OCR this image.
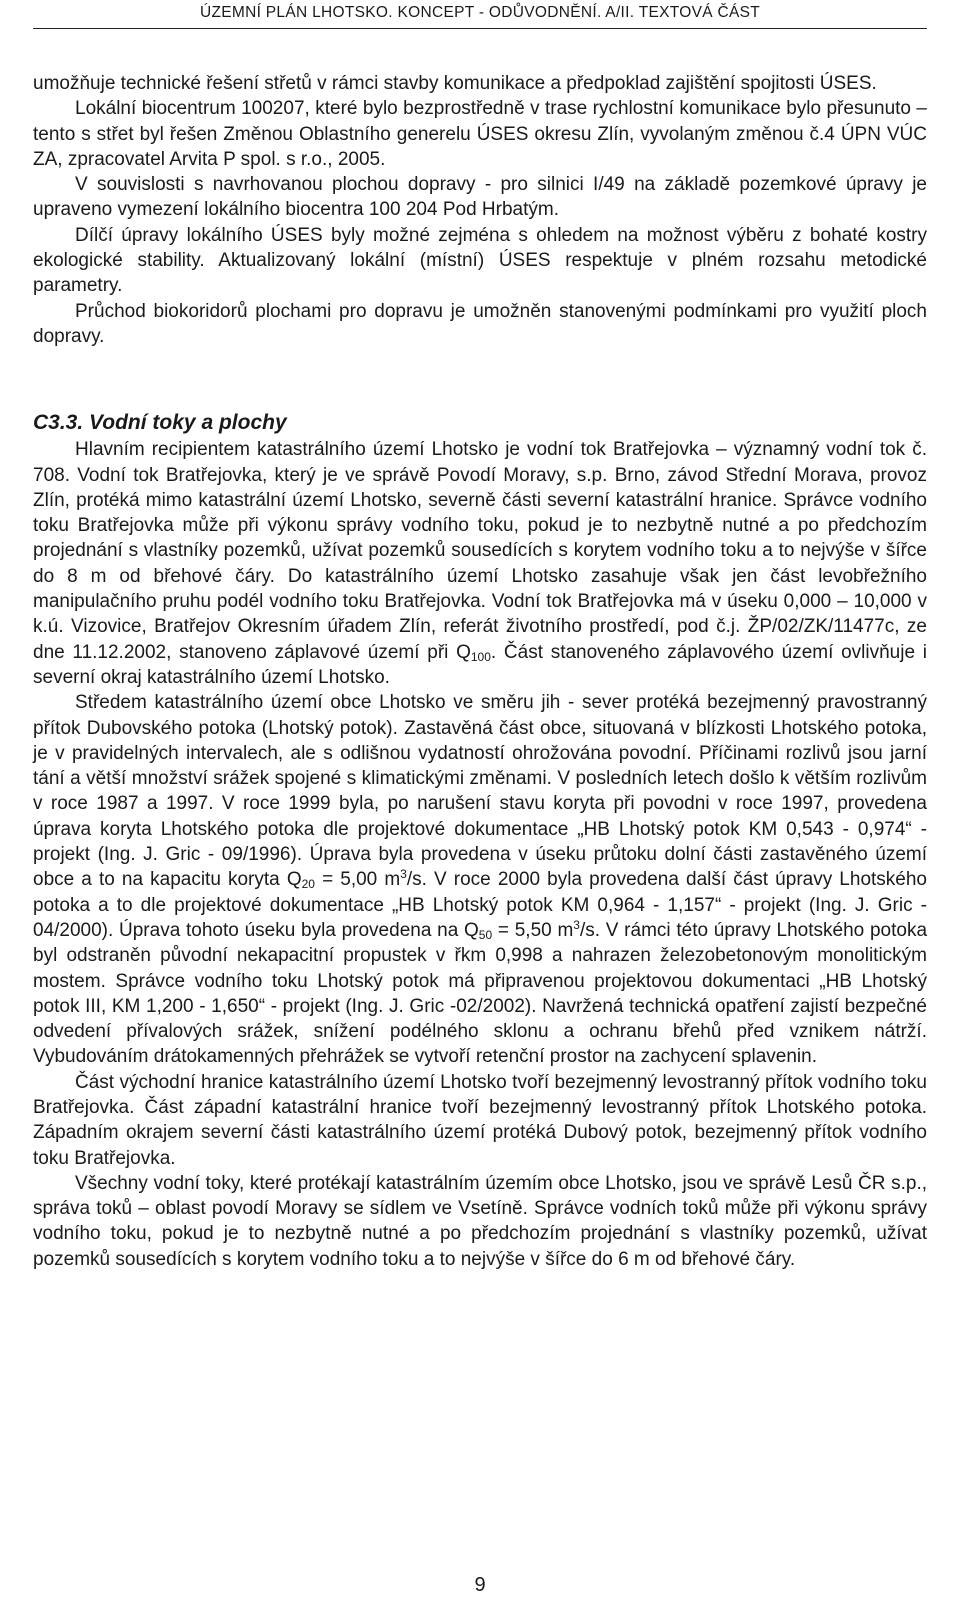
ÚZEMNÍ PLÁN LHOTSKO. KONCEPT - ODŮVODNĚNÍ. A/II. TEXTOVÁ ČÁST

umožňuje technické řešení střetů v rámci stavby komunikace a předpoklad zajištění spojitosti ÚSES.

Lokální biocentrum 100207, které bylo bezprostředně v trase rychlostní komunikace bylo přesunuto – tento s střet byl řešen Změnou Oblastního generelu ÚSES okresu Zlín, vyvolaným změnou č.4 ÚPN VÚC ZA, zpracovatel Arvita P spol. s r.o., 2005.

V souvislosti s navrhovanou plochou dopravy - pro silnici I/49 na základě pozemkové úpravy je upraveno vymezení lokálního biocentra 100 204 Pod Hrbatým.

Dílčí úpravy lokálního ÚSES byly možné zejména s ohledem na možnost výběru z bohaté kostry ekologické stability. Aktualizovaný lokální (místní) ÚSES respektuje v plném rozsahu metodické parametry.

Průchod biokoridorů plochami pro dopravu je umožněn stanovenými podmínkami pro využití ploch dopravy.

C3.3. Vodní toky a plochy

Hlavním recipientem katastrálního území Lhotsko je vodní tok Bratřejovka – významný vodní tok č. 708. Vodní tok Bratřejovka, který je ve správě Povodí Moravy, s.p. Brno, závod Střední Morava, provoz Zlín, protéká mimo katastrální území Lhotsko, severně části severní katastrální hranice. Správce vodního toku Bratřejovka může při výkonu správy vodního toku, pokud je to nezbytně nutné a po předchozím projednání s vlastníky pozemků, užívat pozemků sousedících s korytem vodního toku a to nejvýše v šířce do 8 m od břehové čáry. Do katastrálního území Lhotsko zasahuje však jen část levobřežního manipulačního pruhu podél vodního toku Bratřejovka. Vodní tok Bratřejovka má v úseku 0,000 – 10,000 v k.ú. Vizovice, Bratřejov Okresním úřadem Zlín, referát životního prostředí, pod č.j. ŽP/02/ZK/11477c, ze dne 11.12.2002, stanoveno záplavové území při $Q_{100}$. Část stanoveného záplavového území ovlivňuje i severní okraj katastrálního území Lhotsko.

Středem katastrálního území obce Lhotsko ve směru jih - sever protéká bezejmenný pravostranný přítok Dubovského potoka (Lhotský potok). Zastavěná část obce, situovaná v blízkosti Lhotského potoka, je v pravidelných intervalech, ale s odlišnou vydatností ohrožována povodní. Příčinami rozlivů jsou jarní tání a větší množství srážek spojené s klimatickými změnami. V posledních letech došlo k větším rozlivům v roce 1987 a 1997. V roce 1999 byla, po narušení stavu koryta při povodni v roce 1997, provedena úprava koryta Lhotského potoka dle projektové dokumentace „HB Lhotský potok KM 0,543 - 0,974“ - projekt (Ing. J. Gric - 09/1996). Úprava byla provedena v úseku průtoku dolní části zastavěného území obce a to na kapacitu koryta $Q_{20} = 5,00$ $m^3/s$. V roce 2000 byla provedena další část úpravy Lhotského potoka a to dle projektové dokumentace „HB Lhotský potok KM 0,964 - 1,157“ - projekt (Ing. J. Gric - 04/2000). Úprava tohoto úseku byla provedena na $Q_{50} = 5,50$ $m^3/s$. V rámci této úpravy Lhotského potoka byl odstraněn původní nekapacitní propustek v řkm 0,998 a nahrazen železobetonovým monolitickým mostem. Správce vodního toku Lhotský potok má připravenou projektovou dokumentaci „HB Lhotský potok III, KM 1,200 - 1,650“ - projekt (Ing. J. Gric -02/2002). Navržená technická opatření zajistí bezpečné odvedení přívalových srážek, snížení podélného sklonu a ochranu břehů před vznikem nátrží. Vybudováním drátokamenných přehrážek se vytvoří retenční prostor na zachycení splavenin.

Část východní hranice katastrálního území Lhotsko tvoří bezejmenný levostranný přítok vodního toku Bratřejovka. Část západní katastrální hranice tvoří bezejmenný levostranný přítok Lhotského potoka. Západním okrajem severní části katastrálního území protéká Dubový potok, bezejmenný přítok vodního toku Bratřejovka.

Všechny vodní toky, které protékají katastrálním územím obce Lhotsko, jsou ve správě Lesů ČR s.p., správa toků – oblast povodí Moravy se sídlem ve Vsetíně. Správce vodních toků může při výkonu správy vodního toku, pokud je to nezbytně nutné a po předchozím projednání s vlastníky pozemků, užívat pozemků sousedících s korytem vodního toku a to nejvýše v šířce do 6 m od břehové čáry.

9
